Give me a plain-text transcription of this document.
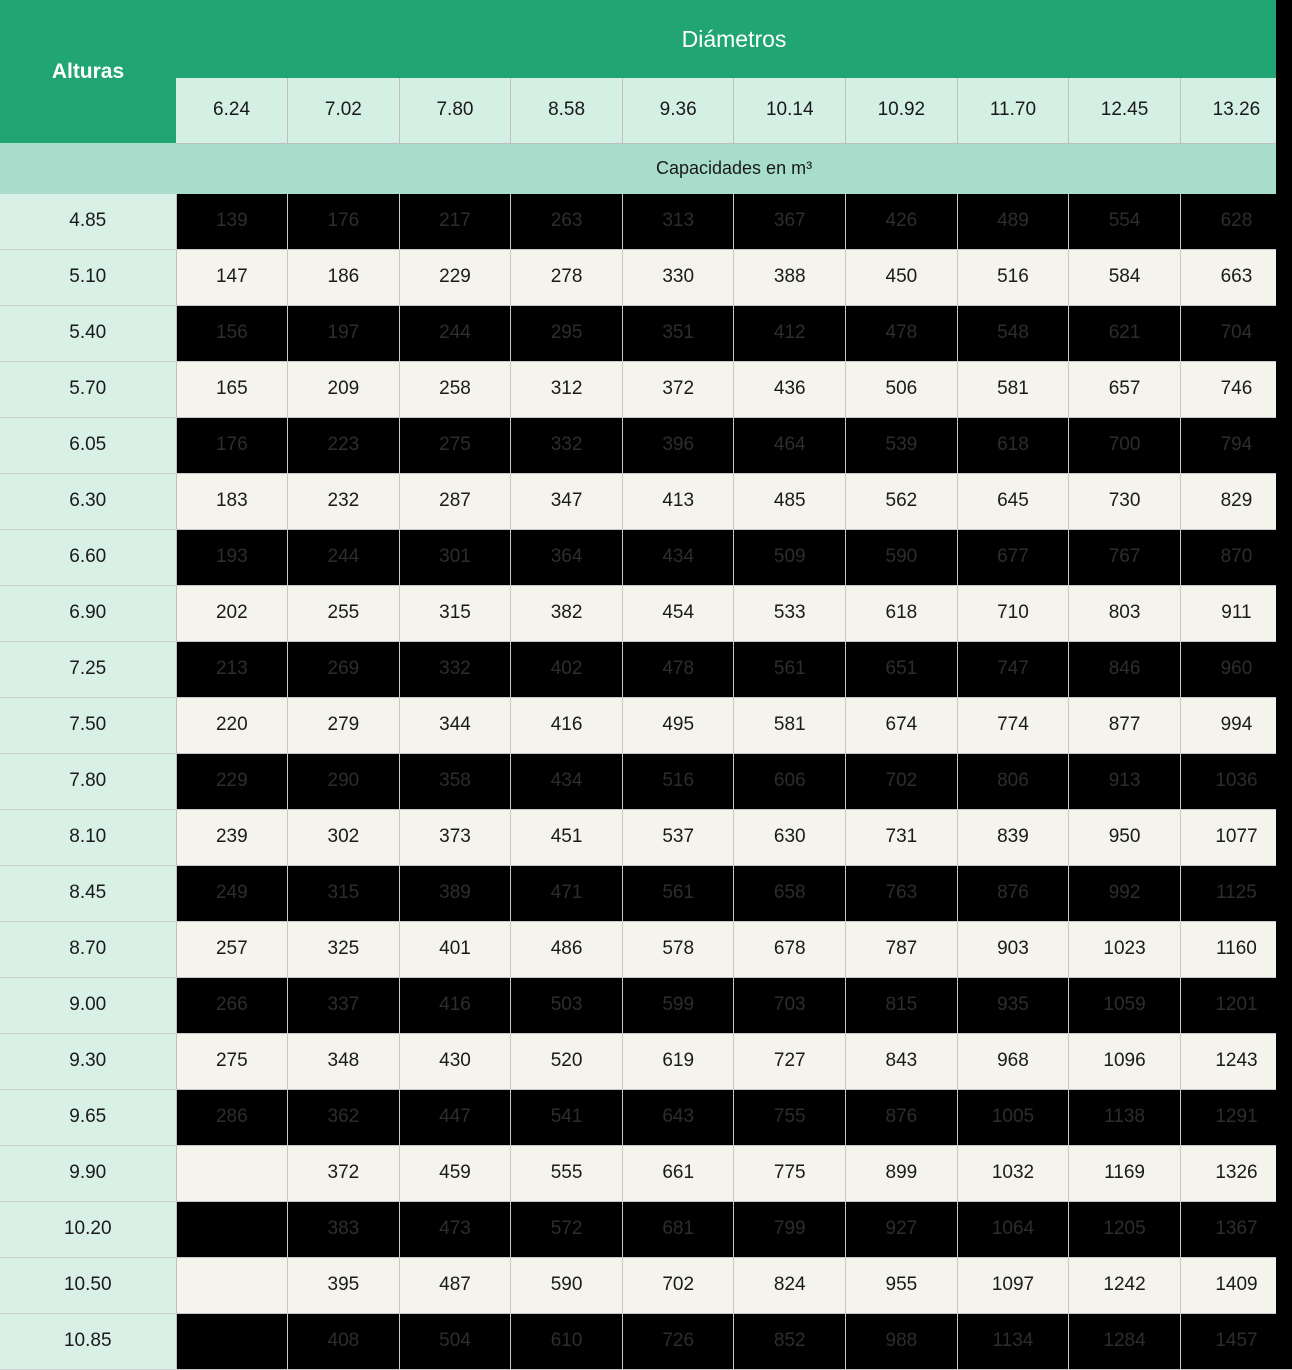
Alturas	Diámetros									
	6.24	7.02	7.80	8.58	9.36	10.14	10.92	11.70	12.45	13.26
	Capacidades en m³									
4.85	139	176	217	263	313	367	426	489	554	628
5.10	147	186	229	278	330	388	450	516	584	663
5.40	156	197	244	295	351	412	478	548	621	704
5.70	165	209	258	312	372	436	506	581	657	746
6.05	176	223	275	332	396	464	539	618	700	794
6.30	183	232	287	347	413	485	562	645	730	829
6.60	193	244	301	364	434	509	590	677	767	870
6.90	202	255	315	382	454	533	618	710	803	911
7.25	213	269	332	402	478	561	651	747	846	960
7.50	220	279	344	416	495	581	674	774	877	994
7.80	229	290	358	434	516	606	702	806	913	1036
8.10	239	302	373	451	537	630	731	839	950	1077
8.45	249	315	389	471	561	658	763	876	992	1125
8.70	257	325	401	486	578	678	787	903	1023	1160
9.00	266	337	416	503	599	703	815	935	1059	1201
9.30	275	348	430	520	619	727	843	968	1096	1243
9.65	286	362	447	541	643	755	876	1005	1138	1291
9.90		372	459	555	661	775	899	1032	1169	1326
10.20		383	473	572	681	799	927	1064	1205	1367
10.50		395	487	590	702	824	955	1097	1242	1409
10.85		408	504	610	726	852	988	1134	1284	1457
